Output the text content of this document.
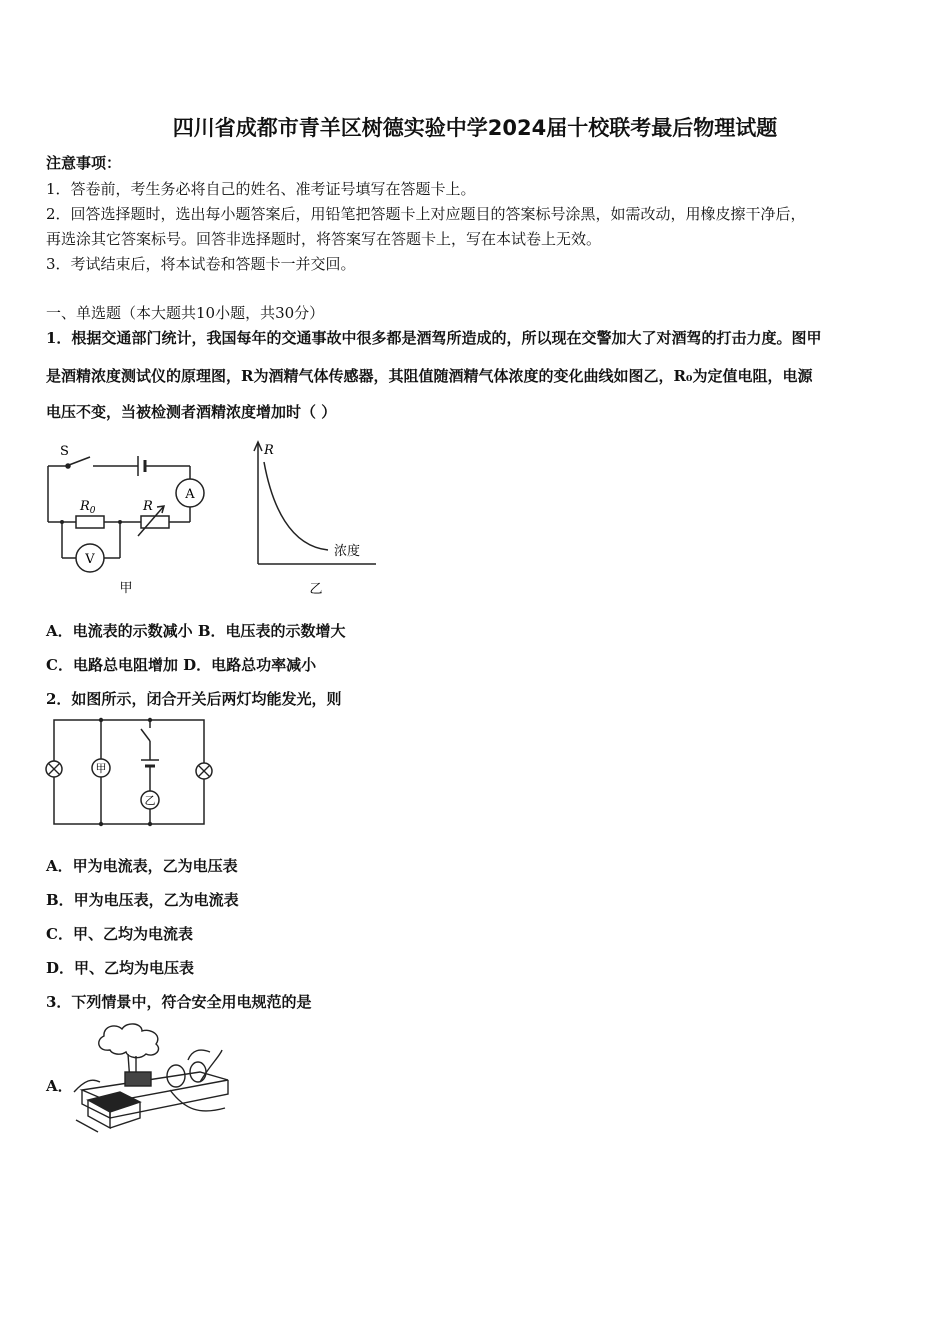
四川省成都市青羊区树德实验中学2024届十校联考最后物理试题
注意事项：
1．答卷前，考生务必将自己的姓名、准考证号填写在答题卡上。
2．回答选择题时，选出每小题答案后，用铅笔把答题卡上对应题目的答案标号涂黑，如需改动，用橡皮擦干净后，
再选涂其它答案标号。回答非选择题时，将答案写在答题卡上，写在本试卷上无效。
3．考试结束后，将本试卷和答题卡一并交回。
一、单选题（本大题共10小题，共30分）
1．根据交通部门统计，我国每年的交通事故中很多都是酒驾所造成的，所以现在交警加大了对酒驾的打击力度。图甲
是酒精浓度测试仪的原理图，R为酒精气体传感器，其阻值随酒精气体浓度的变化曲线如图乙，R₀为定值电阻，电源
电压不变，当被检测者酒精浓度增加时（ ）
S
A
V
$R_0$	R
甲
R
浓度
乙
A．电流表的示数减小 B．电压表的示数增大
C．电路总电阻增加 D．电路总功率减小
2．如图所示，闭合开关后两灯均能发光，则
甲
乙
A．甲为电流表，乙为电压表
B．甲为电压表，乙为电流表
C．甲、乙均为电流表
D．甲、乙均为电压表
3．下列情景中，符合安全用电规范的是
A．
